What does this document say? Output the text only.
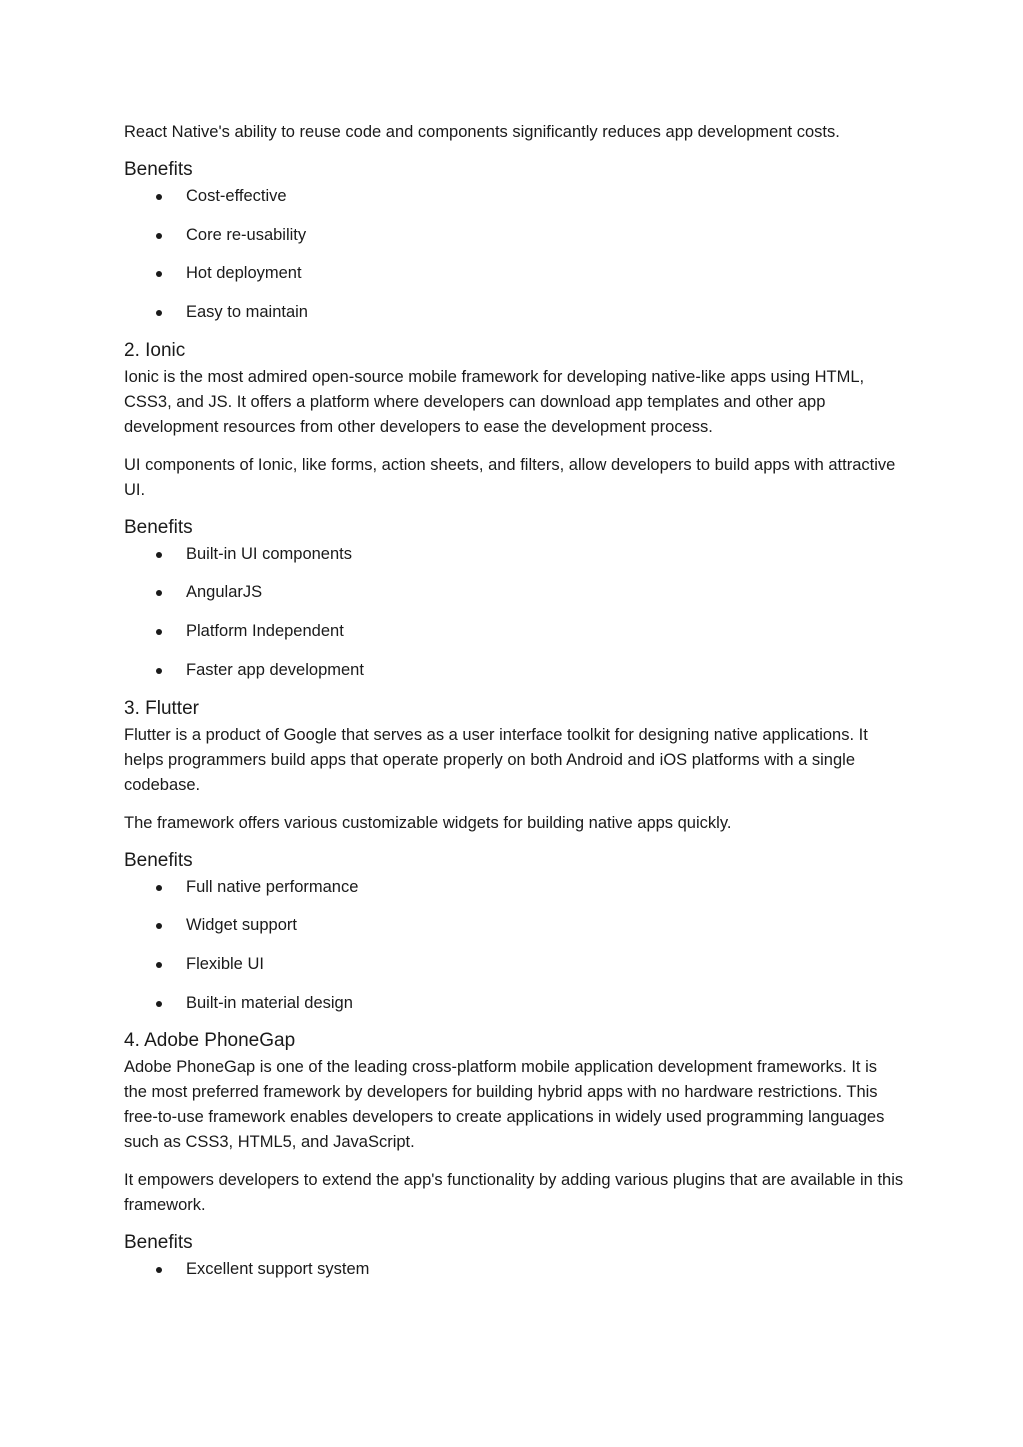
React Native's ability to reuse code and components significantly reduces app development costs.

Benefits
Cost-effective
Core re-usability
Hot deployment
Easy to maintain
2. Ionic

Ionic is the most admired open-source mobile framework for developing native-like apps using HTML, CSS3, and JS. It offers a platform where developers can download app templates and other app development resources from other developers to ease the development process.

UI components of Ionic, like forms, action sheets, and filters, allow developers to build apps with attractive UI.

Benefits
Built-in UI components
AngularJS
Platform Independent
Faster app development
3. Flutter

Flutter is a product of Google that serves as a user interface toolkit for designing native applications. It helps programmers build apps that operate properly on both Android and iOS platforms with a single codebase.

The framework offers various customizable widgets for building native apps quickly.

Benefits
Full native performance
Widget support
Flexible UI
Built-in material design
4. Adobe PhoneGap

Adobe PhoneGap is one of the leading cross-platform mobile application development frameworks. It is the most preferred framework by developers for building hybrid apps with no hardware restrictions. This free-to-use framework enables developers to create applications in widely used programming languages such as CSS3, HTML5, and JavaScript.

It empowers developers to extend the app's functionality by adding various plugins that are available in this framework.

Benefits
Excellent support system
